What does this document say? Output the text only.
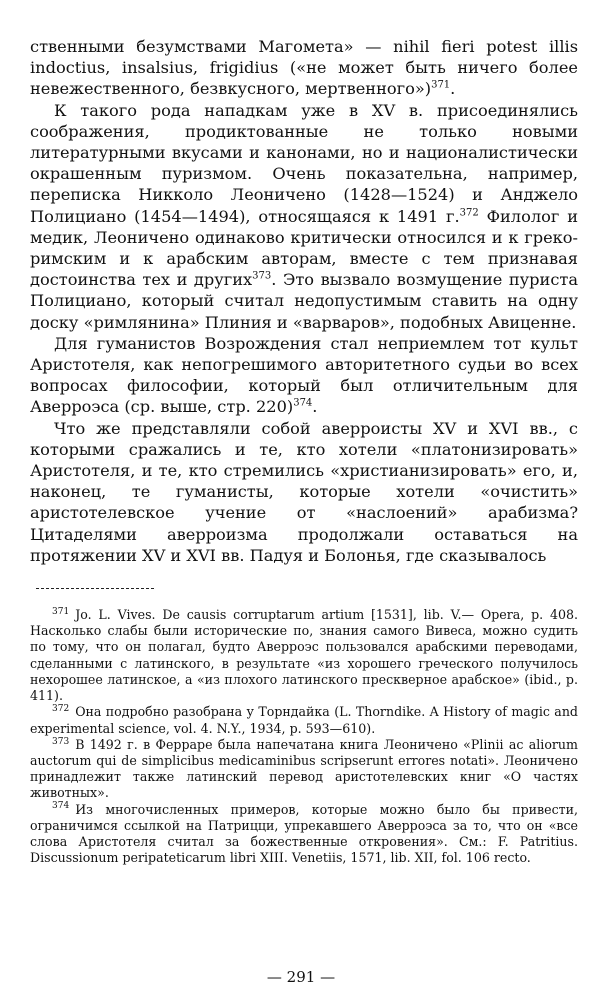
ственными безумствами Магомета» — nihil fieri potest illis indoctius, insalsius, frigidius («не может быть ничего более невежественного, безвкусного, мертвенного»)$^{371}$.

К такого рода нападкам уже в XV в. присоединялись соображения, продиктованные не только новыми литературными вкусами и канонами, но и националистически окрашенным пуризмом. Очень показательна, например, переписка Никколо Леоничено (1428—1524) и Анджело Полициано (1454—1494), относящаяся к 1491 г.$^{372}$ Филолог и медик, Леоничено одинаково критически относился и к греко-римским и к арабским авторам, вместе с тем признавая достоинства тех и других$^{373}$. Это вызвало возмущение пуриста Полициано, который считал недопустимым ставить на одну доску «римлянина» Плиния и «варваров», подобных Авиценне.

Для гуманистов Возрождения стал неприемлем тот культ Аристотеля, как непогрешимого авторитетного судьи во всех вопросах философии, который был отличительным для Аверроэса (ср. выше, стр. 220)$^{374}$.

Что же представляли собой аверроисты XV и XVI вв., с которыми сражались и те, кто хотели «платонизировать» Аристотеля, и те, кто стремились «христианизировать» его, и, наконец, те гуманисты, которые хотели «очистить» аристотелевское учение от «наслоений» арабизма? Цитаделями аверроизма продолжали оставаться на протяжении XV и XVI вв. Падуя и Болонья, где сказывалось

$^{371}$ Jo. L. Vives. De causis corruptarum artium [1531], lib. V.— Opera, p. 408. Насколько слабы были исторические по, знания самого Вивеса, можно судить по тому, что он полагал, будто Аверроэс пользовался арабскими переводами, сделанными с латинского, в результате «из хорошего греческого получилось нехорошее латинское, а «из плохого латинского прескверное арабское» (ibid., p. 411).

$^{372}$ Она подробно разобрана у Торндайка (L. Thorndike. A History of magic and experimental science, vol. 4. N.Y., 1934, p. 593—610).

$^{373}$ В 1492 г. в Ферраре была напечатана книга Леоничено «Plinii ac aliorum auctorum qui de simplicibus medicaminibus scripserunt errores notati». Леоничено принадлежит также латинский перевод аристотелевских книг «О частях животных».

$^{374}$ Из многочисленных примеров, которые можно было бы привести, ограничимся ссылкой на Патрицци, упрекавшего Аверроэса за то, что он «все слова Аристотеля считал за божественные откровения». См.: F. Patritius. Discussionum peripateticarum libri XIII. Venetiis, 1571, lib. XII, fol. 106 recto.

— 291 —
